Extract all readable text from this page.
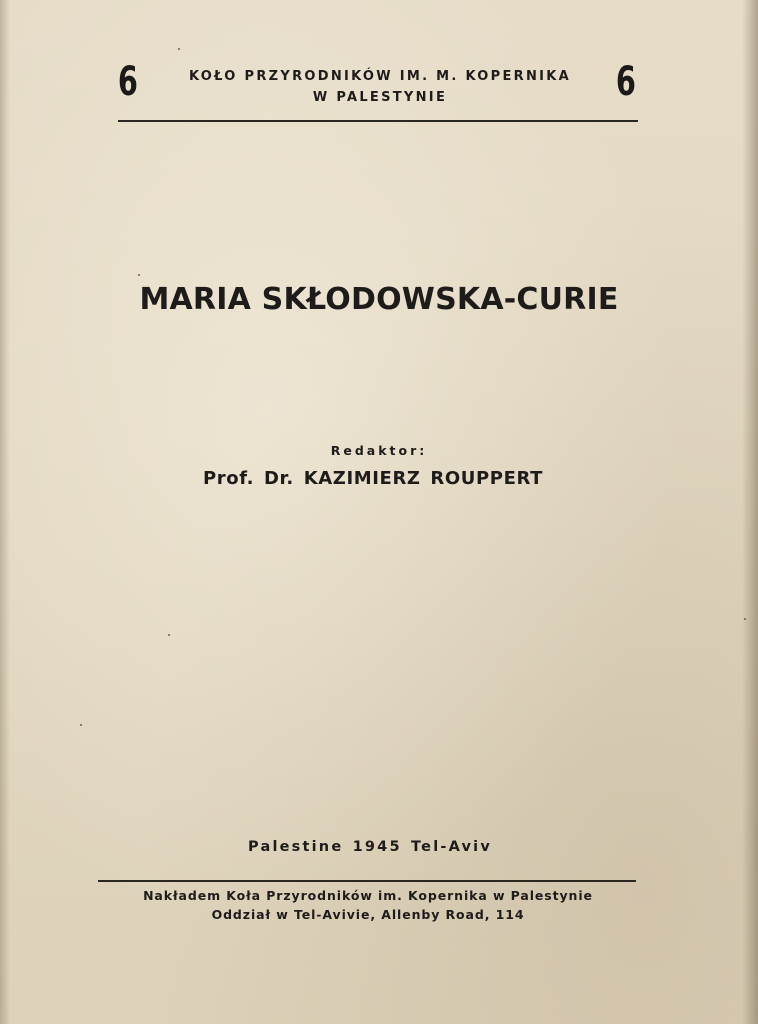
6	KOŁO PRZYRODNIKÓW IM. M. KOPERNIKA
W PALESTYNIE	6
MARIA SKŁODOWSKA-CURIE
Redaktor:
Prof. Dr. KAZIMIERZ ROUPPERT
Palestine 1945 Tel-Aviv
Nakładem Koła Przyrodników im. Kopernika w Palestynie
Oddział w Tel-Avivie, Allenby Road, 114
